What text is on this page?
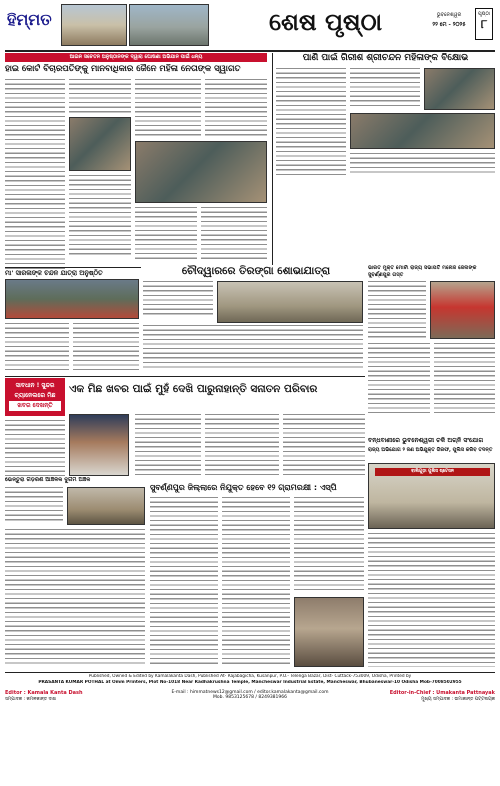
ହିମ୍ମତ	ଶେଷ ପୃଷ୍ଠା	ଭୁବନେଶ୍ୱର
୨୨ ମେ - ୨୦୨୫
ପୃଷ୍ଠା
୮
ଆଇନ ସଚେତନ ଅନୁଷ୍ଠାନଙ୍କ ଦ୍ୱାରା ଘୋଷଣା ଅଭିଯାନ ପାଇଁ ଧନ୍ୟ
ହାଇ କୋର୍ଟ ବିଚାରପତିଙ୍କୁ ମାନବାଧିକାର ଜୈନେ ମହିଳା ନେତାଙ୍କ ସ୍ୱାଗତ
ପାଣି ପାଇଁ ଗିରୀଶ ଶ୍ରୀଚନ୍ଦନ ମହିଳାଙ୍କ ବିକ୍ଷୋଭ
ମା' ସାରଳାଙ୍କ ଚନ୍ଦନ ଯାତ୍ରା ଅନୁଷ୍ଠିତ	ଚୌଦ୍ୱାରରେ ତିରଙ୍ଗା ଶୋଭାଯାତ୍ରା	ଭାରତ ମୁକ୍ତ ମୋର୍ଚା ରାଜ୍ୟ ସଭାପତି ମନୋଜ ଜେନାଙ୍କ ସୁବର୍ଣ୍ଣପୁର ଗସ୍ତ
ସାବଧାନ ! ସୁନ୍ଦର
ଚ୍ୟାନେଲରେ ମିଛ
ଖବର ଦେଖନ୍ତି
ଏକ ମିଛ ଖବର ପାଇଁ ମୁହଁ ଦେଖି ପାରୁନାହାନ୍ତି ସନାତନ ପରିବାର
ବନ୍ଧବାଣୀରେ ଭୁବନେଶ୍ୱରୀ ଚକି ଅଗ୍ନି ସଂଯୋଗ
ରାଜ୍ୟ ଅଭିଯୋଗ ୨ ଜଣ ଅଭିଯୁକ୍ତ ଗିରଫ, ପୁଲିସ କରିବ ତଦନ୍ତ
ବାଲିଗୁଡ଼ା ପୁଲିସ ଷ୍ଟେସନ
ଭେନ୍ତୁରା ଗଡ଼ରିଣି ଆଞ୍ଚଳିକ ଦୁର୍ଗମ ଅଞ୍ଚଳ
ସୁବର୍ଣ୍ଣପୁର ଜିଲ୍ଲାରେ ନିଯୁକ୍ତ ହେବେ ୧୨ ଗ୍ରାମରକ୍ଷୀ : ଏସ୍‌ପି
Published, Owned & Edited by Kamalakanta Dash, Published At- Rajabagicha, Kusanpur, P.O.- Telenga Bazar, Dist- Cuttack-753009, Odisha, Printed by
PRASANTA KUMAR POTHAL at Omm Printers, Plot No-1018 Near Radhakrushna Temple, Mancheswar Industrial Estate, Mancheswar, Bhubaneswar-10 Odisha Mob-7008502955
Editor : Kamala Kanta Dash
ସମ୍ପାଦକ : କମଳକାନ୍ତ ଦାଶ
E-mail : himmatnews12@gmail.com / editor.kamalakanta@gmail.com
Mob. 9853125678 / 8249381966
Editor-in-Chief : Umakanta Pattnayak
ମୁଖ୍ୟ ସମ୍ପାଦକ : ଉମାକାନ୍ତ ପଟ୍ଟନାୟକ
